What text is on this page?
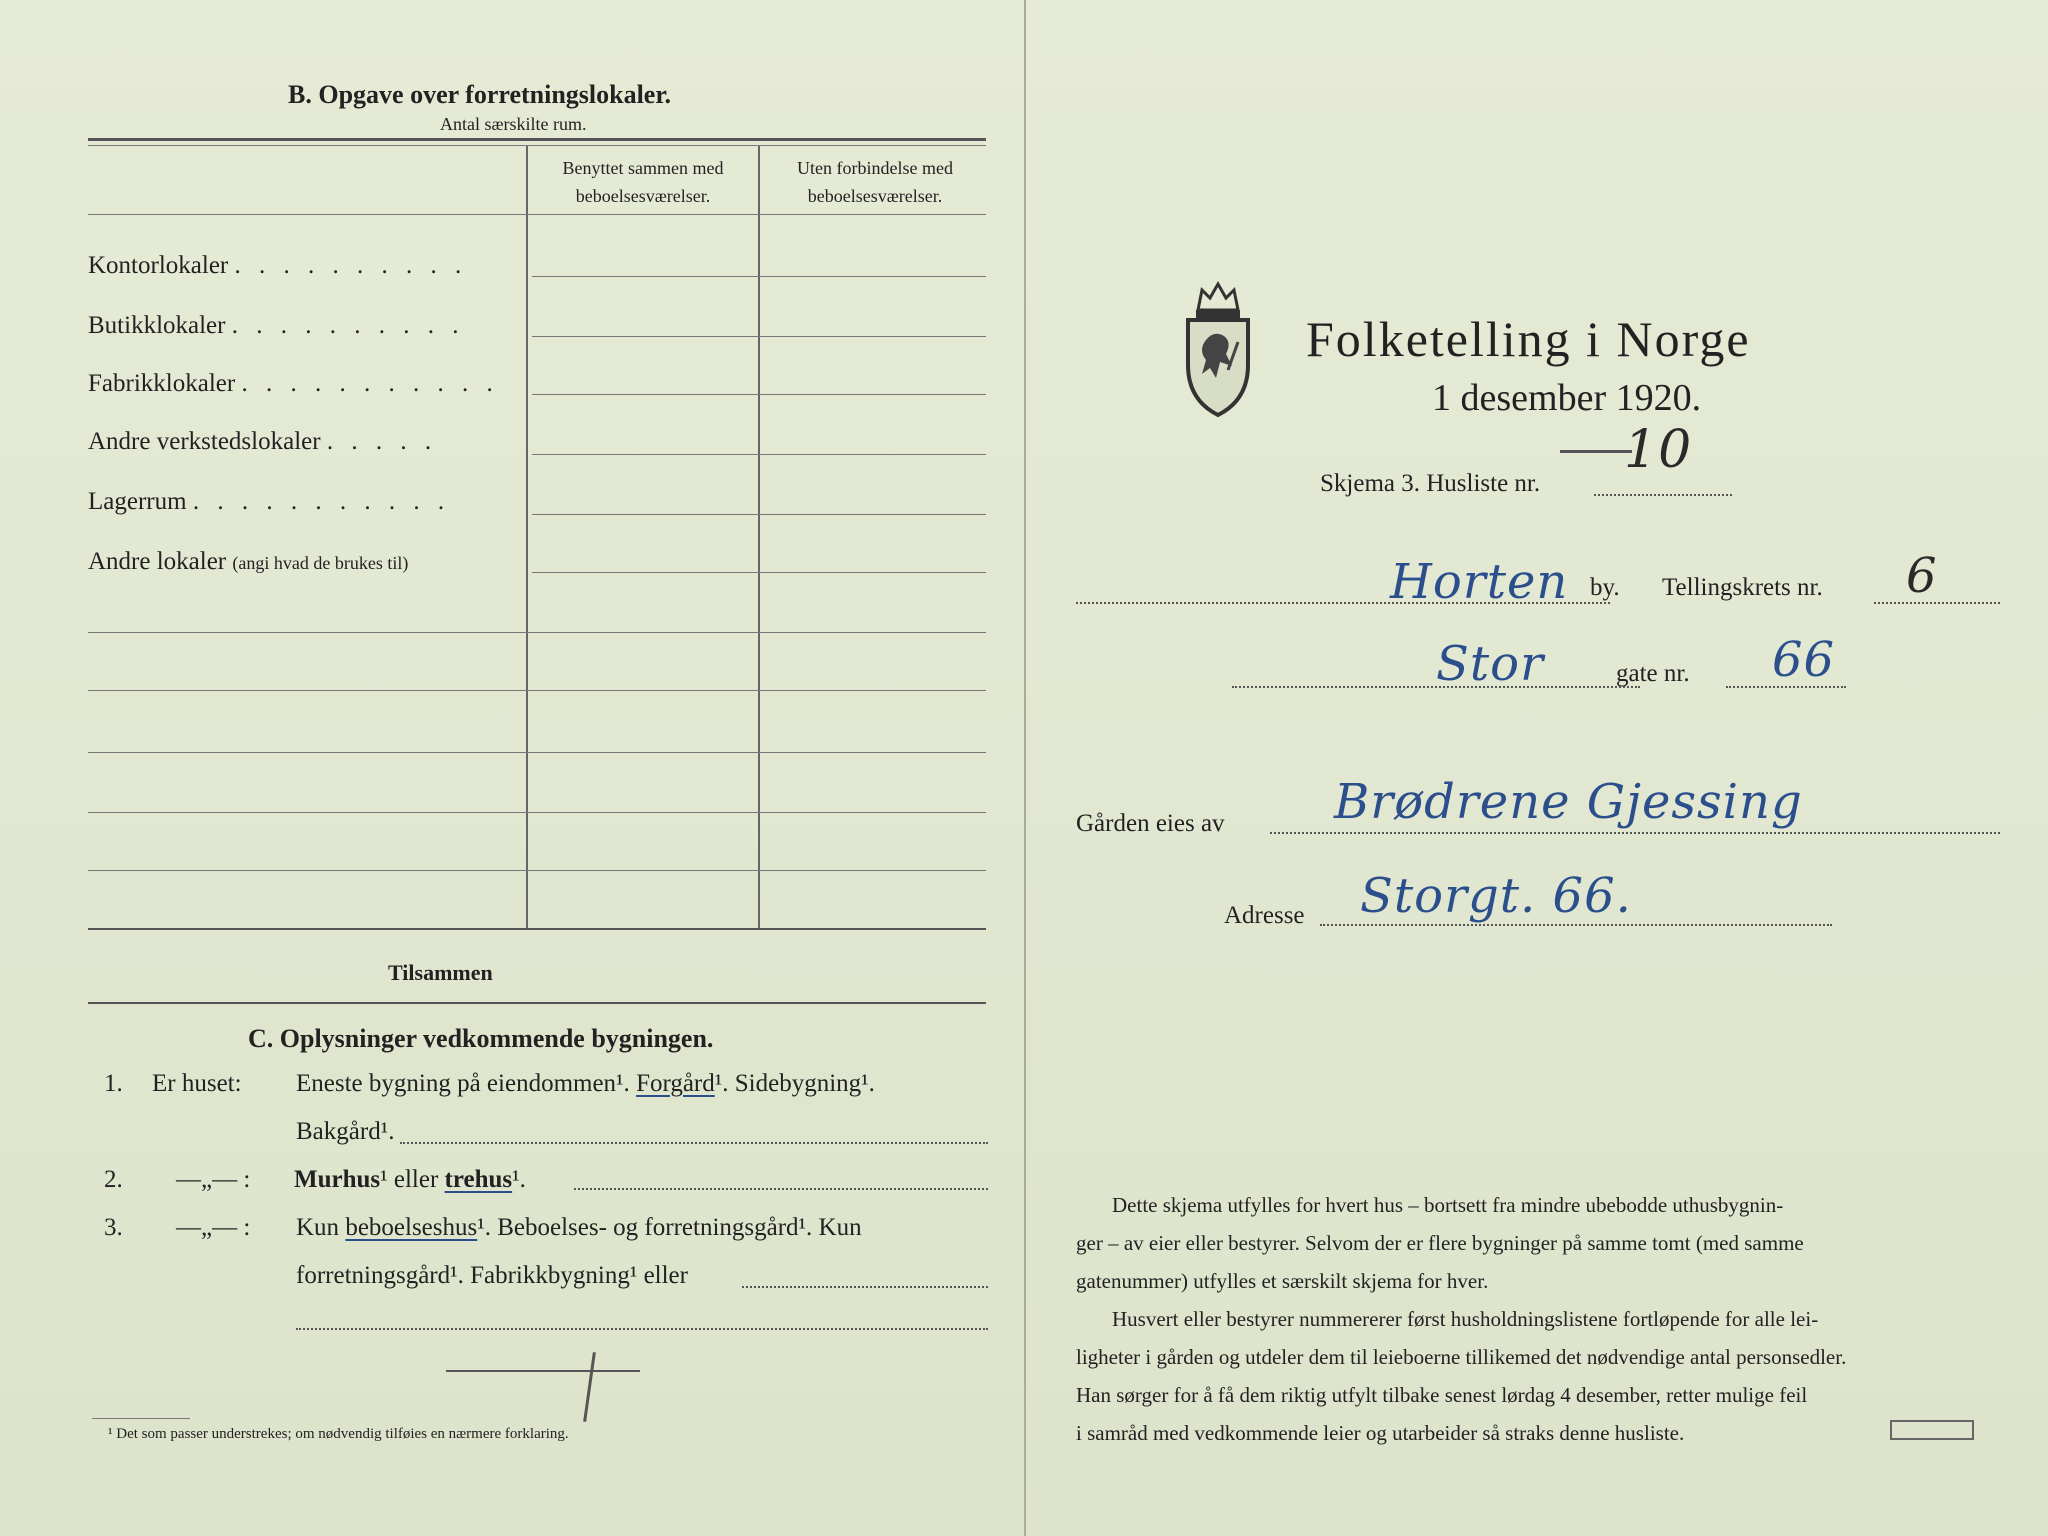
B. Opgave over forretningslokaler.
Antal særskilte rum.
Benyttet sammen med
beboelsesværelser.
Uten forbindelse med
beboelsesværelser.
Kontorlokaler . . . . . . . . . .
Butikklokaler . . . . . . . . . .
Fabrikklokaler . . . . . . . . . . .
Andre verkstedslokaler . . . . .
Lagerrum . . . . . . . . . . .
Andre lokaler (angi hvad de brukes til)
Tilsammen
C. Oplysninger vedkommende bygningen.
1. Er huset: Eneste bygning på eiendommen¹. Forgård¹. Sidebygning¹.
Bakgård¹.
2. —„— : Murhus¹ eller trehus¹.
3. —„— : Kun beboelseshus¹. Beboelses- og forretningsgård¹. Kun
forretningsgård¹. Fabrikkbygning¹ eller
¹ Det som passer understrekes; om nødvendig tilføies en nærmere forklaring.
Folketelling i Norge
1 desember 1920.
Skjema 3. Husliste nr.
10
Horten by. Tellingskrets nr. 6
Stor	gate nr. 66
Gården eies av Brødrene Gjessing
Adresse Storgt. 66.
Dette skjema utfylles for hvert hus – bortsett fra mindre ubebodde uthusbygnin-
ger – av eier eller bestyrer. Selvom der er flere bygninger på samme tomt (med samme
gatenummer) utfylles et særskilt skjema for hver.
Husvert eller bestyrer nummererer først husholdningslistene fortløpende for alle lei-
ligheter i gården og utdeler dem til leieboerne tillikemed det nødvendige antal personsedler.
Han sørger for å få dem riktig utfylt tilbake senest lørdag 4 desember, retter mulige feil
i samråd med vedkommende leier og utarbeider så straks denne husliste.
